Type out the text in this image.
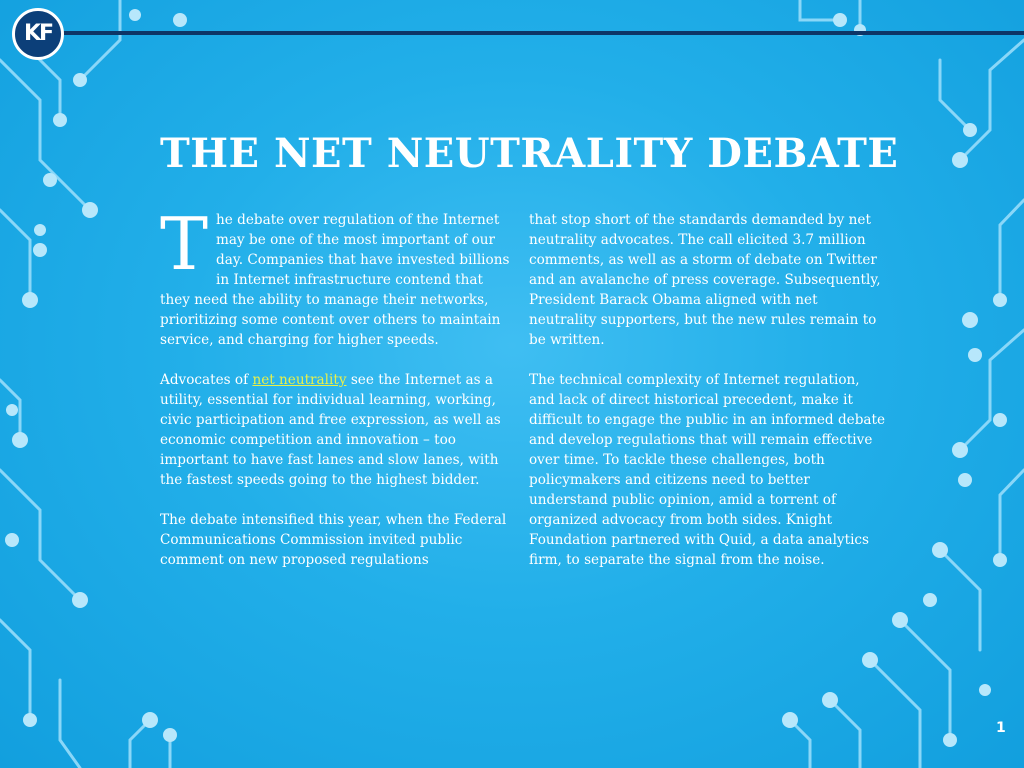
KF
THE NET NEUTRALITY DEBATE

The debate over regulation of the Internet may be one of the most important of our day. Companies that have invested billions in Internet infrastructure contend that they need the ability to manage their networks, prioritizing some content over others to maintain service, and charging for higher speeds.

Advocates of net neutrality see the Internet as a utility, essential for individual learning, working, civic participation and free expression, as well as economic competition and innovation – too important to have fast lanes and slow lanes, with the fastest speeds going to the highest bidder.

The debate intensified this year, when the Federal Communications Commission invited public comment on new proposed regulations

that stop short of the standards demanded by net neutrality advocates. The call elicited 3.7 million comments, as well as a storm of debate on Twitter and an avalanche of press coverage. Subsequently, President Barack Obama aligned with net neutrality supporters, but the new rules remain to be written.

The technical complexity of Internet regulation, and lack of direct historical precedent, make it difficult to engage the public in an informed debate and develop regulations that will remain effective over time. To tackle these challenges, both policymakers and citizens need to better understand public opinion, amid a torrent of organized advocacy from both sides. Knight Foundation partnered with Quid, a data analytics firm, to separate the signal from the noise.

1
